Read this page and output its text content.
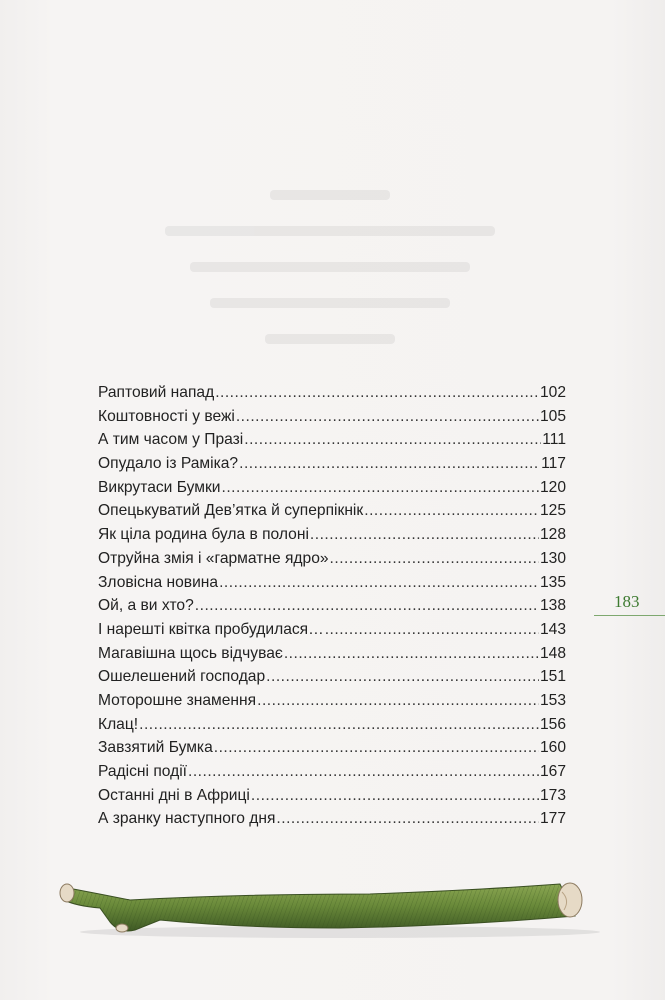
Раптовий напад .....	102
Коштовності у вежі .....	105
А тим часом у Празі .....	111
Опудало із Раміка? .....	117
Викрутаси Бумки .....	120
Опецькуватий Дев’ятка й суперпікнік .....	125
Як ціла родина була в полоні .....	128
Отруйна змія і «гарматне ядро» .....	130
Зловісна новина .....	135
Ой, а ви хто? .....	138
І нарешті квітка пробудилася… .....	143
Магавішна щось відчуває .....	148
Ошелешений господар .....	151
Моторошне знамення .....	153
Клац! .....	156
Завзятий Бумка .....	160
Радісні події .....	167
Останні дні в Африці .....	173
А зранку наступного дня .....	177
183
